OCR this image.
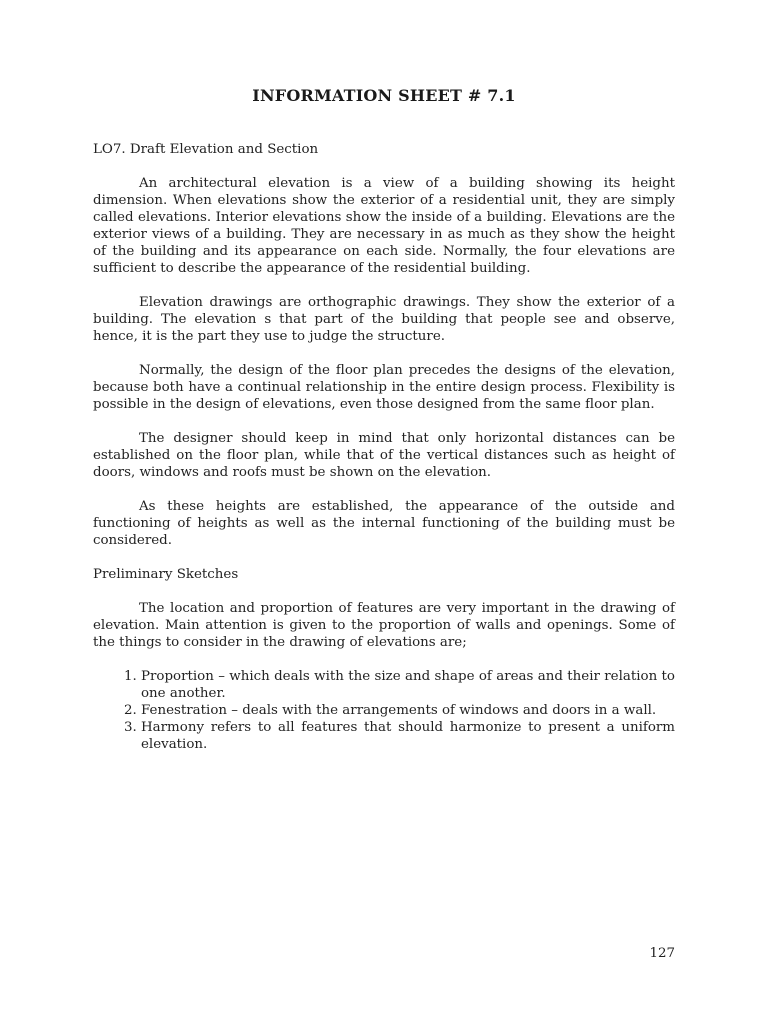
INFORMATION SHEET # 7.1

LO7. Draft Elevation and Section

An architectural elevation is a view of a building showing its height dimension. When elevations show the exterior of a residential unit, they are simply called elevations. Interior elevations show the inside of a building. Elevations are the exterior views of a building. They are necessary in as much as they show the height of the building and its appearance on each side. Normally, the four elevations are sufficient to describe the appearance of the residential building.

Elevation drawings are orthographic drawings. They show the exterior of a building. The elevation s that part of the building that people see and observe, hence, it is the part they use to judge the structure.

Normally, the design of the floor plan precedes the designs of the elevation, because both have a continual relationship in the entire design process. Flexibility is possible in the design of elevations, even those designed from the same floor plan.

The designer should keep in mind that only horizontal distances can be established on the floor plan, while that of the vertical distances such as height of doors, windows and roofs must be shown on the elevation.

As these heights are established, the appearance of the outside and functioning of heights as well as the internal functioning of the building must be considered.

Preliminary Sketches

The location and proportion of features are very important in the drawing of elevation. Main attention is given to the proportion of walls and openings. Some of the things to consider in the drawing of elevations are;

1. Proportion – which deals with the size and shape of areas and their relation to one another.
2. Fenestration – deals with the arrangements of windows and doors in a wall.
3. Harmony refers to all features that should harmonize to present a uniform elevation.

127
